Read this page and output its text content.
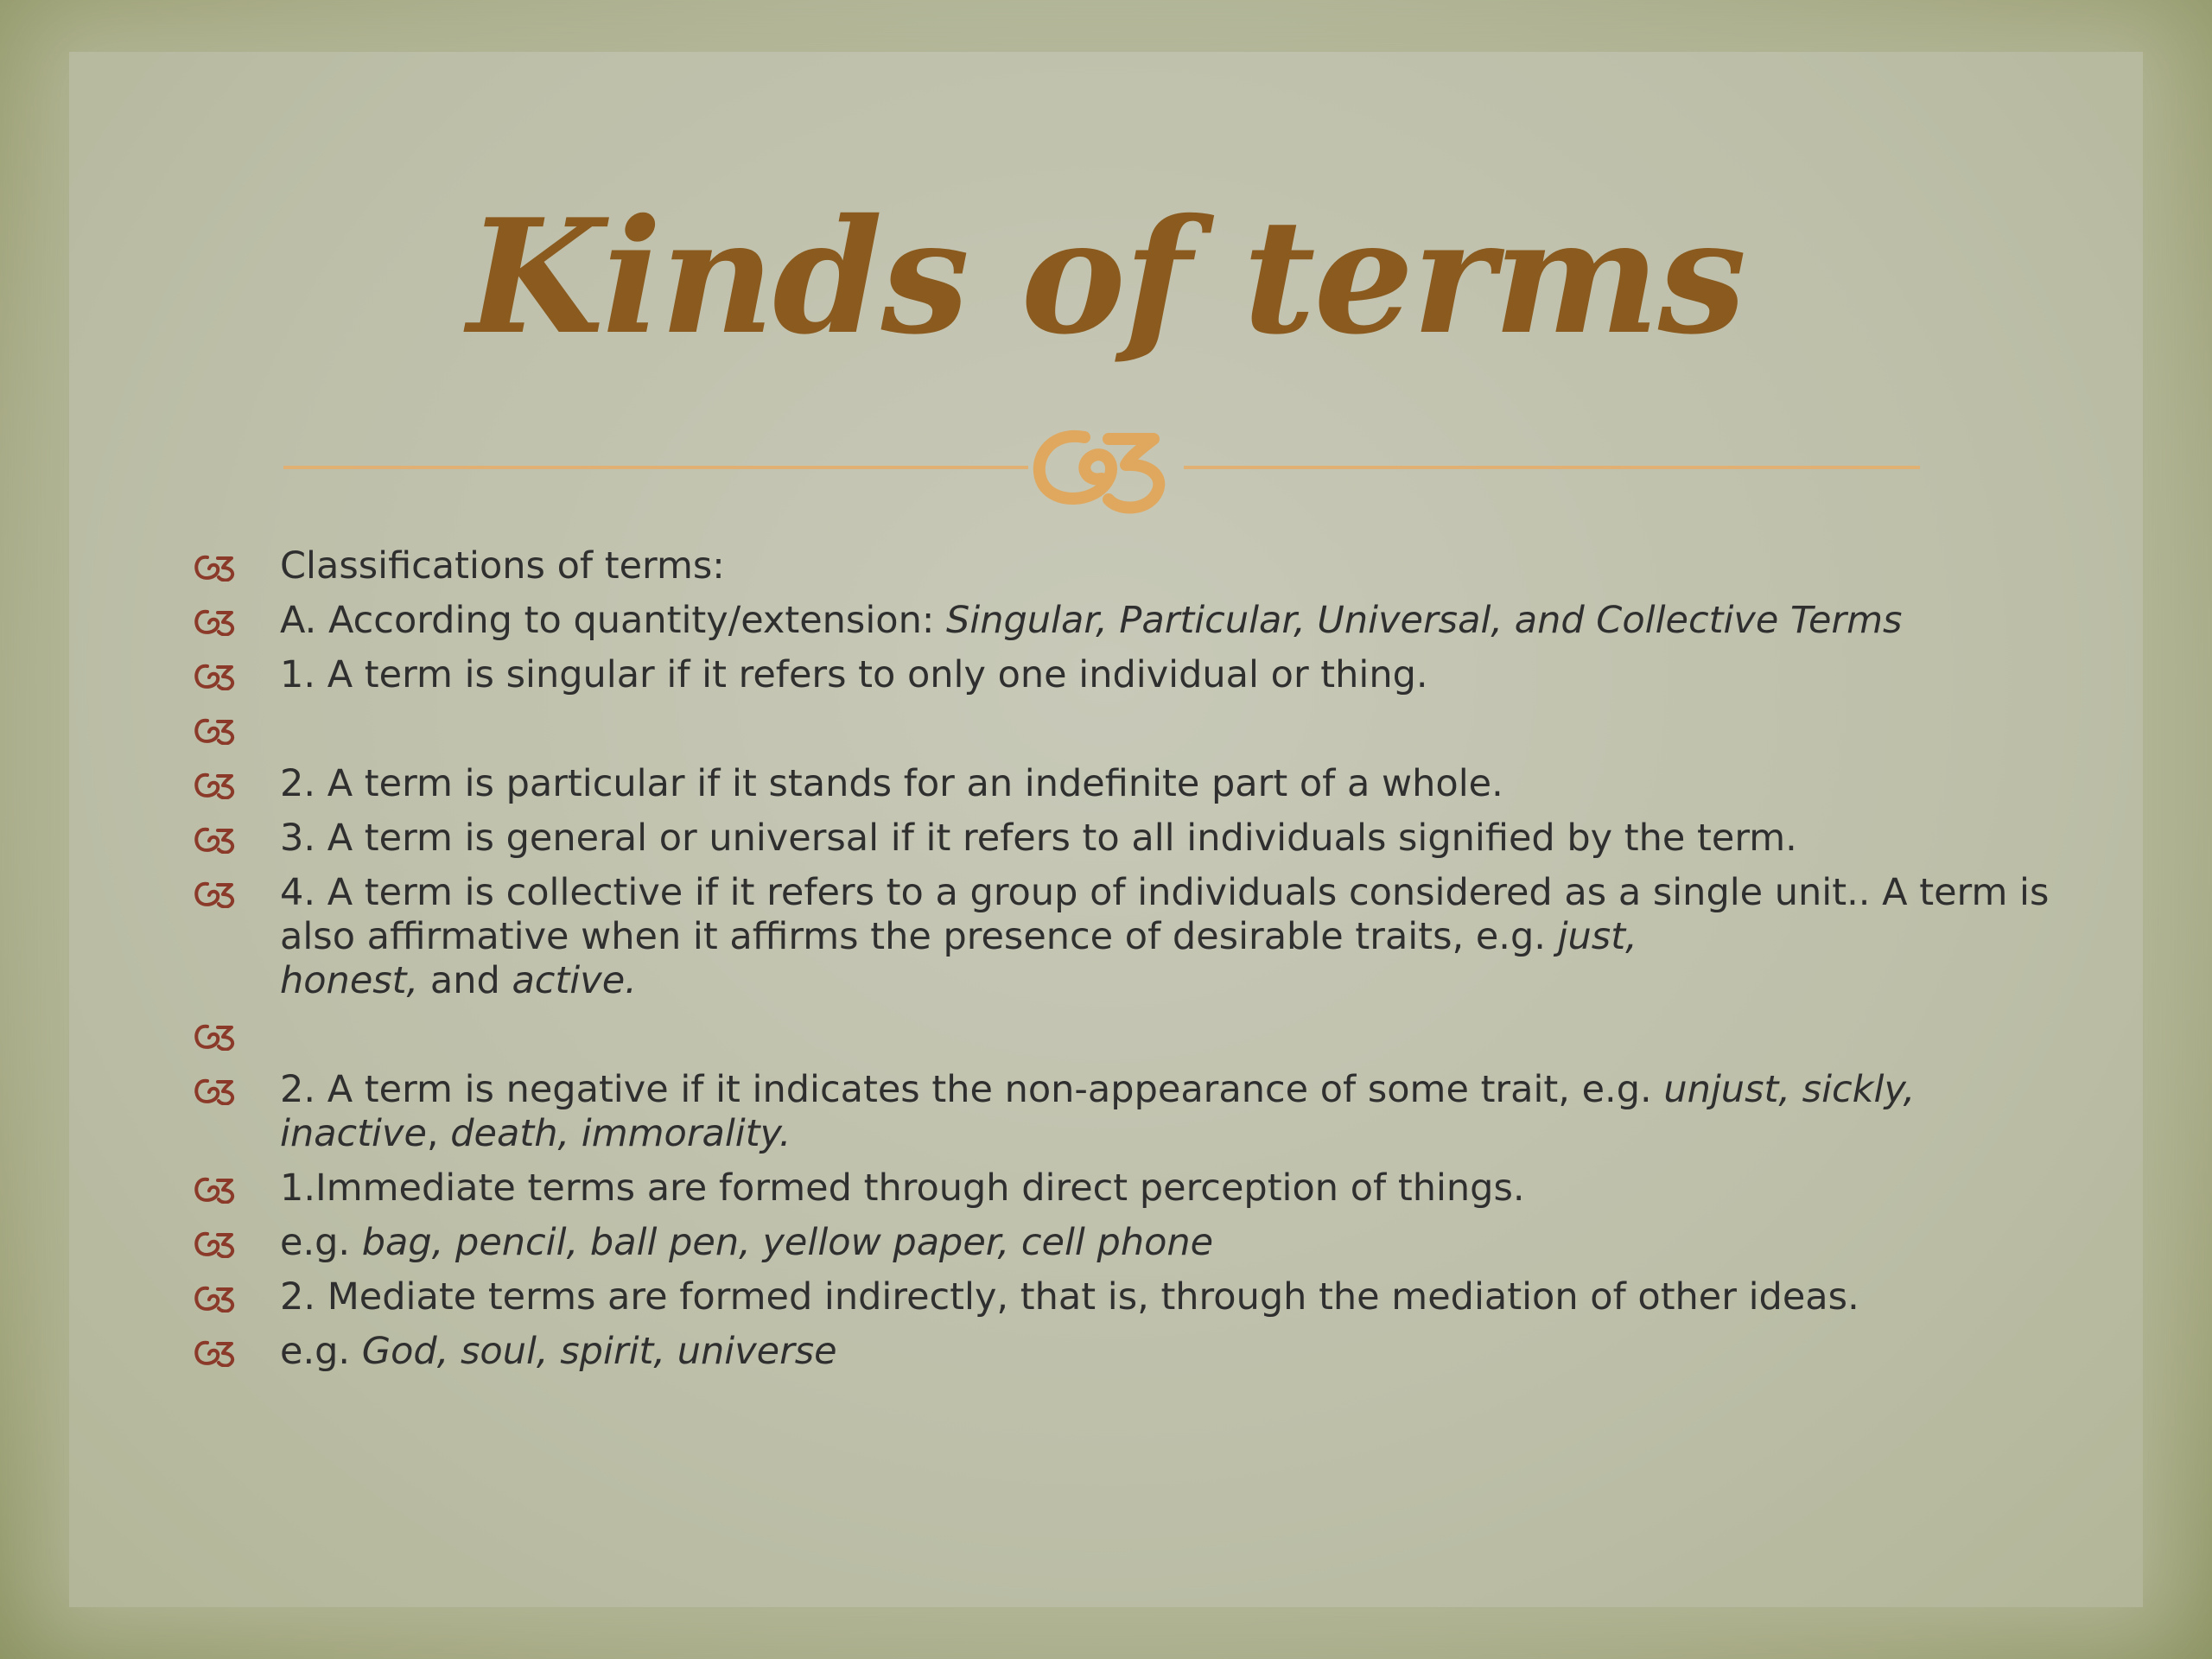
Kinds of terms
Classifications of terms:
A. According to quantity/extension: Singular, Particular, Universal, and Collective Terms
1. A term is singular if it refers to only one individual or thing.
2. A term is particular if it stands for an indefinite part of a whole.
3. A term is general or universal if it refers to all individuals signified by the term.
4. A term is collective if it refers to a group of individuals considered as a single unit.. A term is also affirmative when it affirms the presence of desirable traits, e.g. just,
honest, and active.
2. A term is negative if it indicates the non-appearance of some trait, e.g. unjust, sickly,
inactive, death, immorality.
1.Immediate terms are formed through direct perception of things.
e.g. bag, pencil, ball pen, yellow paper, cell phone
2. Mediate terms are formed indirectly, that is, through the mediation of other ideas.
e.g. God, soul, spirit, universe
